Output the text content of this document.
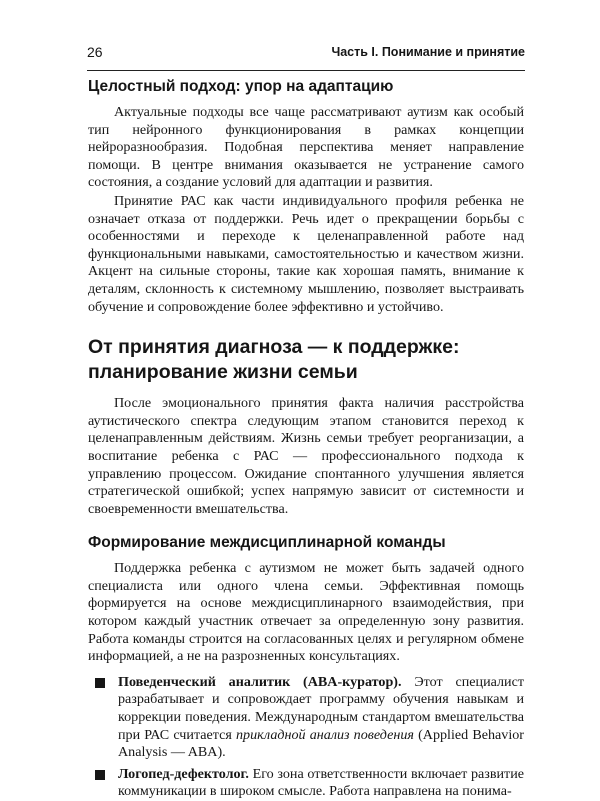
26	Часть I. Понимание и принятие
Целостный подход: упор на адаптацию

Актуальные подходы все чаще рассматривают аутизм как особый тип нейронного функционирования в рамках концепции нейроразнообразия. Подобная перспектива меняет направление помощи. В центре внимания оказывается не устранение самого состояния, а создание условий для адаптации и развития.

Принятие РАС как части индивидуального профиля ребенка не означает отказа от поддержки. Речь идет о прекращении борьбы с особенностями и переходе к целенаправленной работе над функциональными навыками, самостоятельностью и качеством жизни. Акцент на сильные стороны, такие как хорошая память, внимание к деталям, склонность к системному мышлению, позволяет выстраивать обучение и сопровождение более эффективно и устойчиво.

От принятия диагноза — к поддержке:
планирование жизни семьи

После эмоционального принятия факта наличия расстройства аутистического спектра следующим этапом становится переход к целенаправленным действиям. Жизнь семьи требует реорганизации, а воспитание ребенка с РАС — профессионального подхода к управлению процессом. Ожидание спонтанного улучшения является стратегической ошибкой; успех напрямую зависит от системности и своевременности вмешательства.

Формирование междисциплинарной команды

Поддержка ребенка с аутизмом не может быть задачей одного специалиста или одного члена семьи. Эффективная помощь формируется на основе междисциплинарного взаимодействия, при котором каждый участник отвечает за определенную зону развития. Работа команды строится на согласованных целях и регулярном обмене информацией, а не на разрозненных консультациях.

Поведенческий аналитик (ABA-куратор). Этот специалист разрабатывает и сопровождает программу обучения навыкам и коррекции поведения. Международным стандартом вмешательства при РАС считается прикладной анализ поведения (Applied Behavior Analysis — ABA).

Логопед-дефектолог. Его зона ответственности включает развитие коммуникации в широком смысле. Работа направлена на понима-
